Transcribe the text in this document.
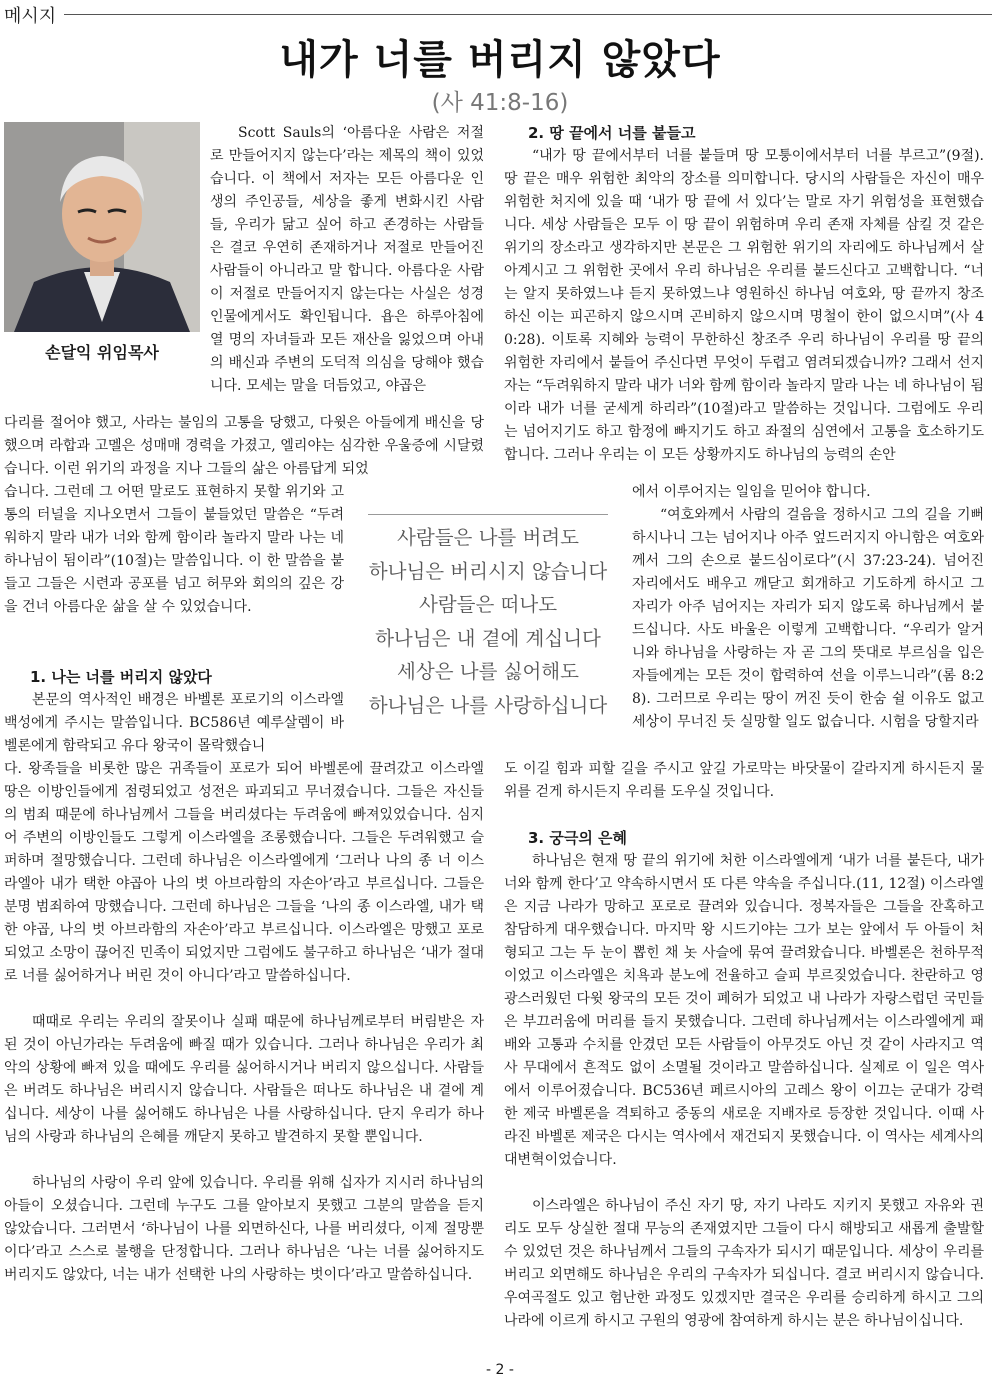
메시지
내가 너를 버리지 않았다
(사 41:8-16)
손달익 위임목사

Scott Sauls의 ‘아름다운 사람은 저절로 만들어지지 않는다’라는 제목의 책이 있었습니다. 이 책에서 저자는 모든 아름다운 인생의 주인공들, 세상을 좋게 변화시킨 사람들, 우리가 닮고 싶어 하고 존경하는 사람들은 결코 우연히 존재하거나 저절로 만들어진 사람들이 아니라고 말 합니다. 아름다운 사람이 저절로 만들어지지 않는다는 사실은 성경 인물에게서도 확인됩니다. 욥은 하루아침에 열 명의 자녀들과 모든 재산을 잃었으며 아내의 배신과 주변의 도덕적 의심을 당해야 했습니다. 모세는 말을 더듬었고, 야곱은

다리를 절어야 했고, 사라는 불임의 고통을 당했고, 다윗은 아들에게 배신을 당했으며 라합과 고멜은 성매매 경력을 가졌고, 엘리야는 심각한 우울증에 시달렸습니다. 이런 위기의 과정을 지나 그들의 삶은 아름답게 되었

습니다. 그런데 그 어떤 말로도 표현하지 못할 위기와 고통의 터널을 지나오면서 그들이 붙들었던 말씀은 “두려워하지 말라 내가 너와 함께 함이라 놀라지 말라 나는 네 하나님이 됨이라”(10절)는 말씀입니다. 이 한 말씀을 붙들고 그들은 시련과 공포를 넘고 허무와 회의의 깊은 강을 건너 아름다운 삶을 살 수 있었습니다.

1. 나는 너를 버리지 않았다

본문의 역사적인 배경은 바벨론 포로기의 이스라엘 백성에게 주시는 말씀입니다. BC586년 예루살렘이 바벨론에게 함락되고 유다 왕국이 몰락했습니

다. 왕족들을 비롯한 많은 귀족들이 포로가 되어 바벨론에 끌려갔고 이스라엘 땅은 이방인들에게 점령되었고 성전은 파괴되고 무너졌습니다. 그들은 자신들의 범죄 때문에 하나님께서 그들을 버리셨다는 두려움에 빠져있었습니다. 심지어 주변의 이방인들도 그렇게 이스라엘을 조롱했습니다. 그들은 두려워했고 슬퍼하며 절망했습니다. 그런데 하나님은 이스라엘에게 ‘그러나 나의 종 너 이스라엘아 내가 택한 야곱아 나의 벗 아브라함의 자손아’라고 부르십니다. 그들은 분명 범죄하여 망했습니다. 그런데 하나님은 그들을 ‘나의 종 이스라엘, 내가 택한 야곱, 나의 벗 아브라함의 자손아’라고 부르십니다. 이스라엘은 망했고 포로 되었고 소망이 끊어진 민족이 되었지만 그럼에도 불구하고 하나님은 ‘내가 절대로 너를 싫어하거나 버린 것이 아니다’라고 말씀하십니다.

때때로 우리는 우리의 잘못이나 실패 때문에 하나님께로부터 버림받은 자 된 것이 아닌가라는 두려움에 빠질 때가 있습니다. 그러나 하나님은 우리가 최악의 상황에 빠져 있을 때에도 우리를 싫어하시거나 버리지 않으십니다. 사람들은 버려도 하나님은 버리시지 않습니다. 사람들은 떠나도 하나님은 내 곁에 계십니다. 세상이 나를 싫어해도 하나님은 나를 사랑하십니다. 단지 우리가 하나님의 사랑과 하나님의 은혜를 깨닫지 못하고 발견하지 못할 뿐입니다.

하나님의 사랑이 우리 앞에 있습니다. 우리를 위해 십자가 지시러 하나님의 아들이 오셨습니다. 그런데 누구도 그를 알아보지 못했고 그분의 말씀을 듣지 않았습니다. 그러면서 ‘하나님이 나를 외면하신다, 나를 버리셨다, 이제 절망뿐이다’라고 스스로 불행을 단정합니다. 그러나 하나님은 ‘나는 너를 싫어하지도 버리지도 않았다, 너는 내가 선택한 나의 사랑하는 벗이다’라고 말씀하십니다.

사람들은 나를 버려도
하나님은 버리시지 않습니다
사람들은 떠나도
하나님은 내 곁에 계십니다
세상은 나를 싫어해도
하나님은 나를 사랑하십니다
2. 땅 끝에서 너를 붙들고

“내가 땅 끝에서부터 너를 붙들며 땅 모퉁이에서부터 너를 부르고”(9절). 땅 끝은 매우 위험한 최악의 장소를 의미합니다. 당시의 사람들은 자신이 매우 위험한 처지에 있을 때 ‘내가 땅 끝에 서 있다’는 말로 자기 위험성을 표현했습니다. 세상 사람들은 모두 이 땅 끝이 위험하며 우리 존재 자체를 삼킬 것 같은 위기의 장소라고 생각하지만 본문은 그 위험한 위기의 자리에도 하나님께서 살아계시고 그 위험한 곳에서 우리 하나님은 우리를 붙드신다고 고백합니다. “너는 알지 못하였느냐 듣지 못하였느냐 영원하신 하나님 여호와, 땅 끝까지 창조하신 이는 피곤하지 않으시며 곤비하지 않으시며 명철이 한이 없으시며”(사 40:28). 이토록 지혜와 능력이 무한하신 창조주 우리 하나님이 우리를 땅 끝의 위험한 자리에서 붙들어 주신다면 무엇이 두렵고 염려되겠습니까? 그래서 선지자는 “두려워하지 말라 내가 너와 함께 함이라 놀라지 말라 나는 네 하나님이 됨이라 내가 너를 굳세게 하리라”(10절)라고 말씀하는 것입니다. 그럼에도 우리는 넘어지기도 하고 함정에 빠지기도 하고 좌절의 심연에서 고통을 호소하기도 합니다. 그러나 우리는 이 모든 상황까지도 하나님의 능력의 손안

에서 이루어지는 일임을 믿어야 합니다.

“여호와께서 사람의 걸음을 정하시고 그의 길을 기뻐하시나니 그는 넘어지나 아주 엎드러지지 아니함은 여호와께서 그의 손으로 붙드심이로다”(시 37:23-24). 넘어진 자리에서도 배우고 깨닫고 회개하고 기도하게 하시고 그 자리가 아주 넘어지는 자리가 되지 않도록 하나님께서 붙드십니다. 사도 바울은 이렇게 고백합니다. “우리가 알거니와 하나님을 사랑하는 자 곧 그의 뜻대로 부르심을 입은 자들에게는 모든 것이 합력하여 선을 이루느니라”(롬 8:28). 그러므로 우리는 땅이 꺼진 듯이 한숨 쉴 이유도 없고 세상이 무너진 듯 실망할 일도 없습니다. 시험을 당할지라

도 이길 힘과 피할 길을 주시고 앞길 가로막는 바닷물이 갈라지게 하시든지 물 위를 걷게 하시든지 우리를 도우실 것입니다.

3. 궁극의 은혜

하나님은 현재 땅 끝의 위기에 처한 이스라엘에게 ‘내가 너를 붙든다, 내가 너와 함께 한다’고 약속하시면서 또 다른 약속을 주십니다.(11, 12절) 이스라엘은 지금 나라가 망하고 포로로 끌려와 있습니다. 정복자들은 그들을 잔혹하고 참담하게 대우했습니다. 마지막 왕 시드기야는 그가 보는 앞에서 두 아들이 처형되고 그는 두 눈이 뽑힌 채 놋 사슬에 묶여 끌려왔습니다. 바벨론은 천하무적이었고 이스라엘은 치욕과 분노에 전율하고 슬피 부르짖었습니다. 찬란하고 영광스러웠던 다윗 왕국의 모든 것이 폐허가 되었고 내 나라가 자랑스럽던 국민들은 부끄러움에 머리를 들지 못했습니다. 그런데 하나님께서는 이스라엘에게 패배와 고통과 수치를 안겼던 모든 사람들이 아무것도 아닌 것 같이 사라지고 역사 무대에서 흔적도 없이 소멸될 것이라고 말씀하십니다. 실제로 이 일은 역사에서 이루어졌습니다. BC536년 페르시아의 고레스 왕이 이끄는 군대가 강력한 제국 바벨론을 격퇴하고 중동의 새로운 지배자로 등장한 것입니다. 이때 사라진 바벨론 제국은 다시는 역사에서 재건되지 못했습니다. 이 역사는 세계사의 대변혁이었습니다.

이스라엘은 하나님이 주신 자기 땅, 자기 나라도 지키지 못했고 자유와 권리도 모두 상실한 절대 무능의 존재였지만 그들이 다시 해방되고 새롭게 출발할 수 있었던 것은 하나님께서 그들의 구속자가 되시기 때문입니다. 세상이 우리를 버리고 외면해도 하나님은 우리의 구속자가 되십니다. 결코 버리시지 않습니다. 우여곡절도 있고 험난한 과정도 있겠지만 결국은 우리를 승리하게 하시고 그의 나라에 이르게 하시고 구원의 영광에 참여하게 하시는 분은 하나님이십니다.

- 2 -
